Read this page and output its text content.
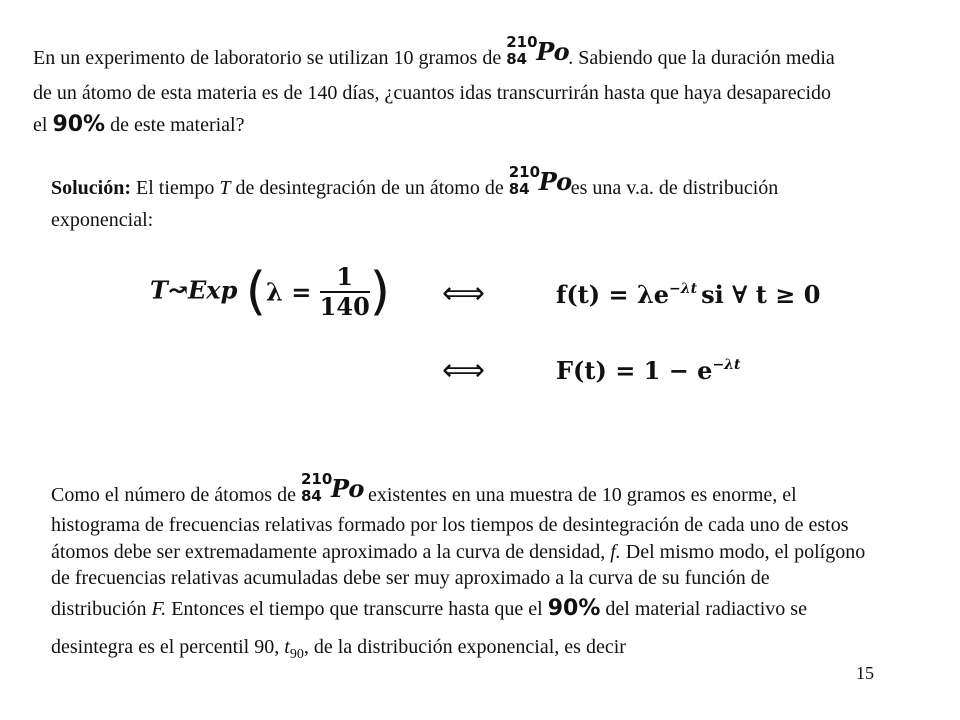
En un experimento de laboratorio se utilizan 10 gramos de
210
84 Po
. Sabiendo que la duración media
de un átomo de esta materia es de 140 días, ¿cuantos idas transcurrirán hasta que haya desaparecido
el 90% de este material?
Solución: El tiempo T de desintegración de un átomo de
210
84 Po
es una v.a. de distribución
exponencial:
T↝Exp ($\lambda = \frac{1}{140}$ ) ⟺	$f(t) = \lambda e^{-\lambda t}$ si ∀ t ≥ 0
⟺	$F(t) = 1 - e^{-\lambda t}$
Como el número de átomos de
210
84 Po existentes en una muestra de 10 gramos es enorme, el
histograma de frecuencias relativas formado por los tiempos de desintegración de cada uno de estos
átomos debe ser extremadamente aproximado a la curva de densidad, f. Del mismo modo, el polígono
de frecuencias relativas acumuladas debe ser muy aproximado a la curva de su función de
distribución F. Entonces el tiempo que transcurre hasta que el 90% del material radiactivo se
desintegra es el percentil 90, $t_{90}$, de la distribución exponencial, es decir
15
